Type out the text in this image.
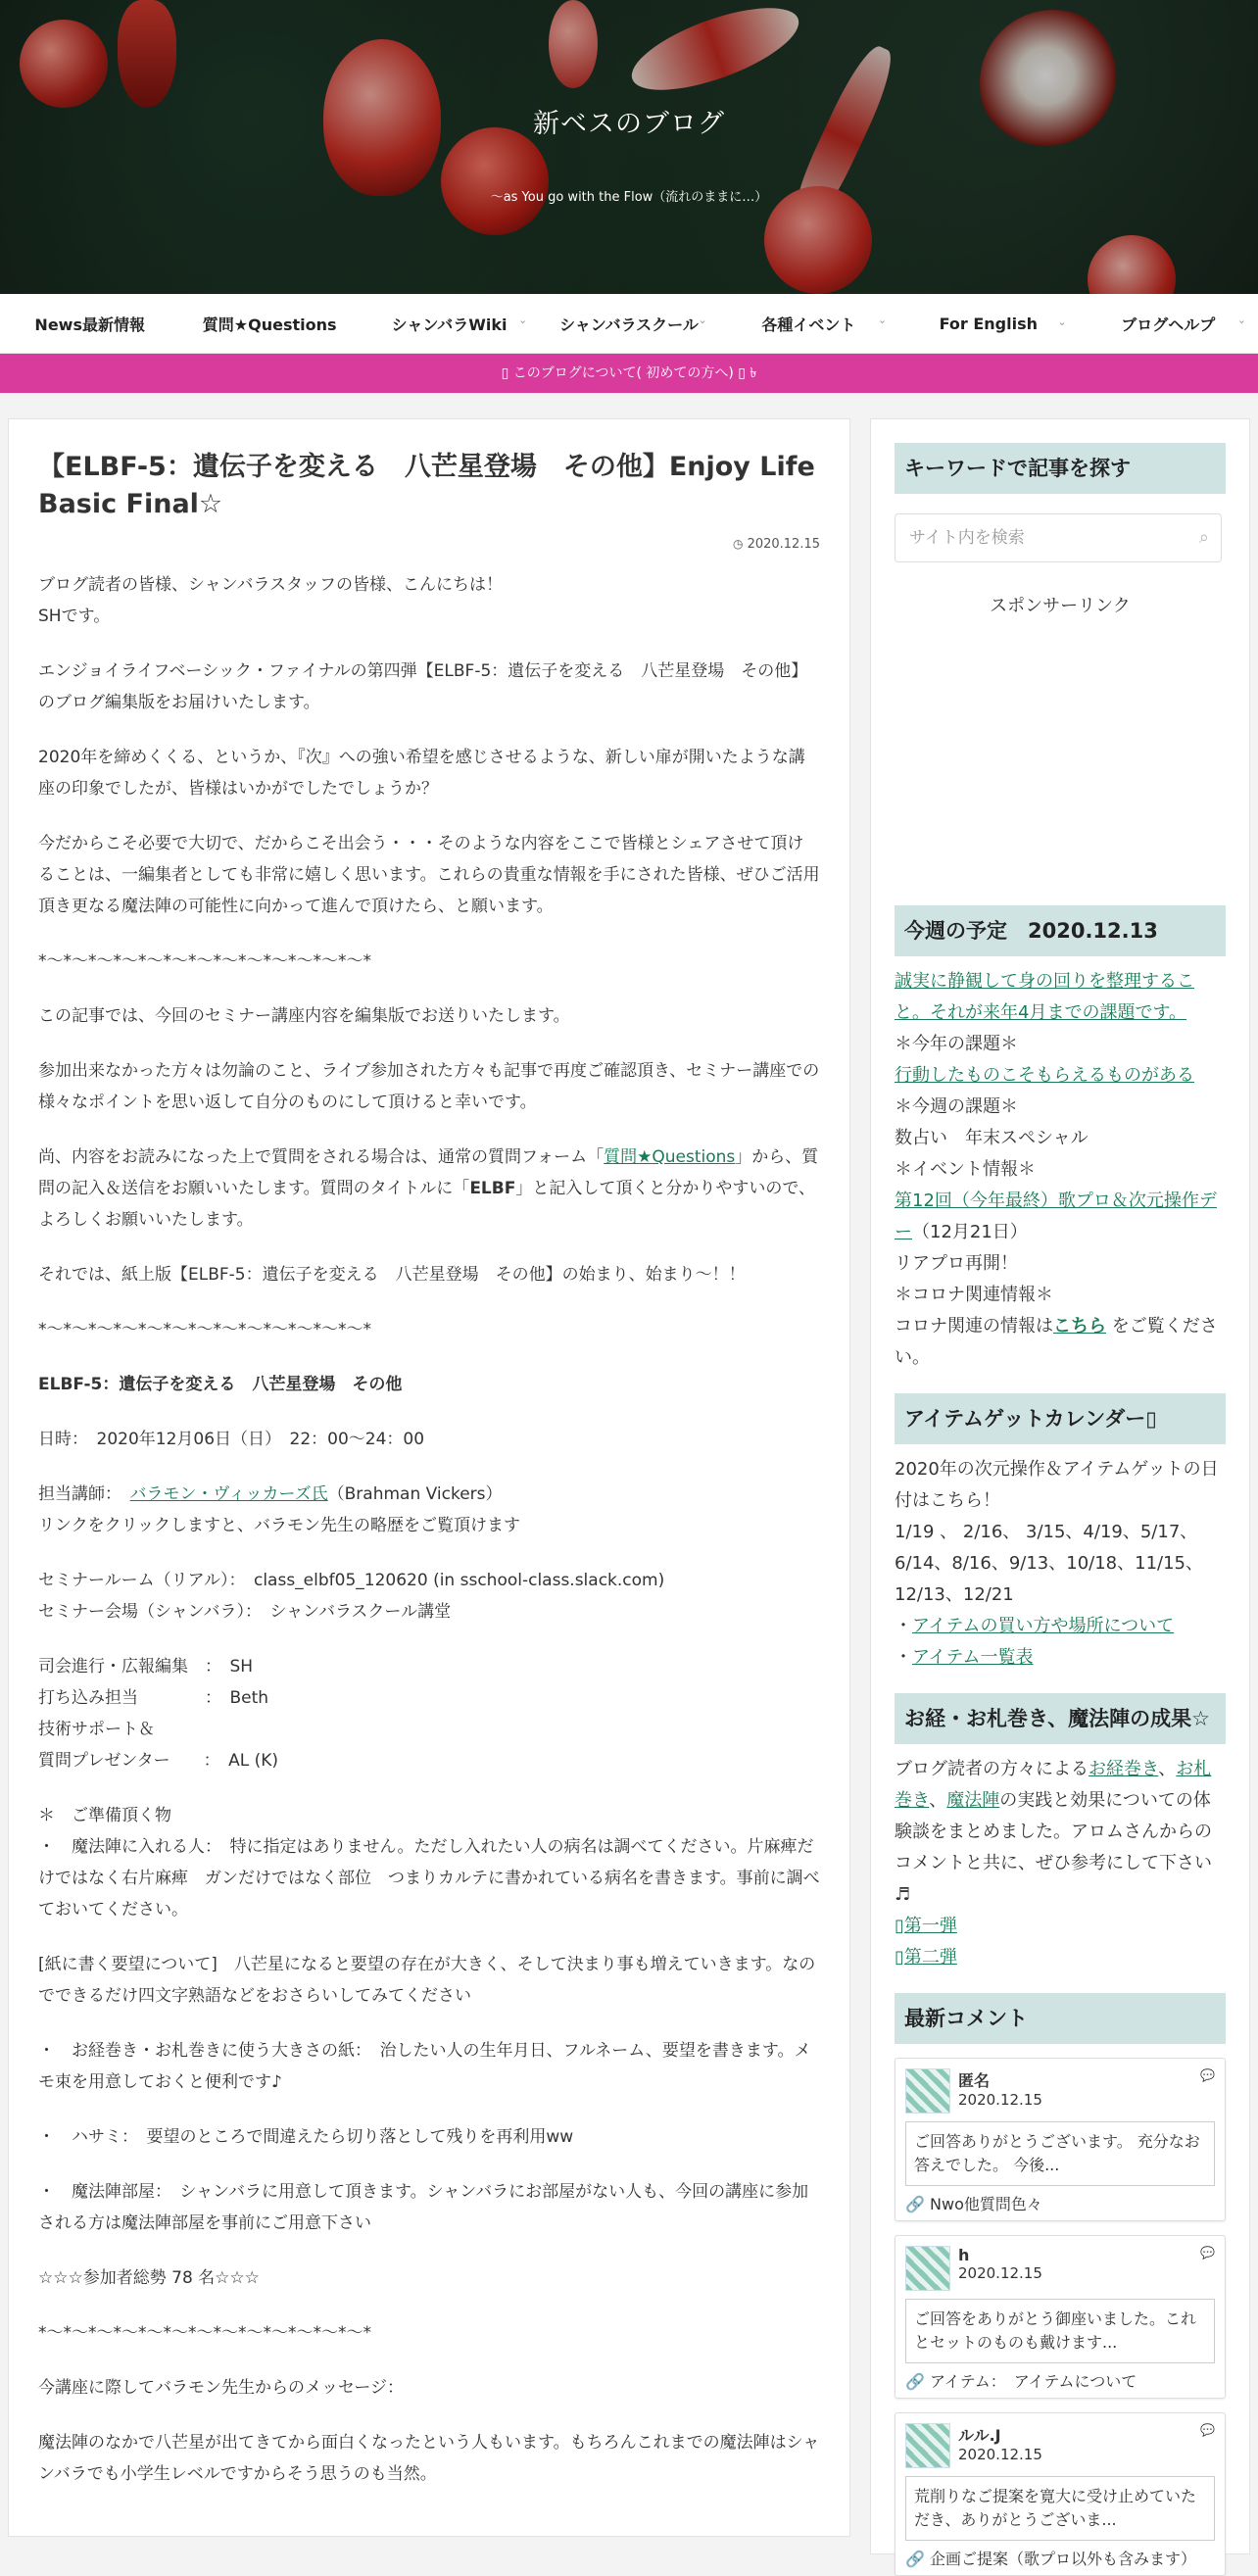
新ベスのブログ
～as You go with the Flow（流れのままに…）
News最新情報	質問★Questions	シャンバラWiki ⌄	シャンバラスクール ⌄	各種イベント ⌄	For English ⌄	ブログヘルプ ⌄
▯ このブログについて( 初めての方へ) ▯ ৳
【ELBF-5：遺伝子を変える　八芒星登場　その他】Enjoy Life Basic Final☆
◷ 2020.12.15

ブログ読者の皆様、シャンバラスタッフの皆様、こんにちは！
SHです。

エンジョイライフベーシック・ファイナルの第四弾【ELBF-5：遺伝子を変える　八芒星登場　その他】のブログ編集版をお届けいたします。

2020年を締めくくる、というか、『次』への強い希望を感じさせるような、新しい扉が開いたような講座の印象でしたが、皆様はいかがでしたでしょうか？

今だからこそ必要で大切で、だからこそ出会う・・・そのような内容をここで皆様とシェアさせて頂けることは、一編集者としても非常に嬉しく思います。これらの貴重な情報を手にされた皆様、ぜひご活用頂き更なる魔法陣の可能性に向かって進んで頂けたら、と願います。

*〜*〜*〜*〜*〜*〜*〜*〜*〜*〜*〜*〜*〜*

この記事では、今回のセミナー講座内容を編集版でお送りいたします。

参加出来なかった方々は勿論のこと、ライブ参加された方々も記事で再度ご確認頂き、セミナー講座での様々なポイントを思い返して自分のものにして頂けると幸いです。

尚、内容をお読みになった上で質問をされる場合は、通常の質問フォーム「質問★Questions」から、質問の記入＆送信をお願いいたします。質問のタイトルに「ELBF」と記入して頂くと分かりやすいので、よろしくお願いいたします。

それでは、紙上版【ELBF-5：遺伝子を変える　八芒星登場　その他】の始まり、始まり〜！！

*〜*〜*〜*〜*〜*〜*〜*〜*〜*〜*〜*〜*〜*

ELBF-5：遺伝子を変える　八芒星登場　その他

日時：　2020年12月06日（日）　22：00〜24：00

担当講師：　バラモン・ヴィッカーズ氏（Brahman Vickers）
リンクをクリックしますと、バラモン先生の略歴をご覧頂けます

セミナールーム（リアル）：　class_elbf05_120620 (in sschool-class.slack.com)
セミナー会場（シャンバラ）：　シャンバラスクール講堂

司会進行・広報編集　：　SH
打ち込み担当　　　　：　Beth
技術サポート＆
質問プレゼンター　　：　AL (K)

＊　ご準備頂く物
・　魔法陣に入れる人：　特に指定はありません。ただし入れたい人の病名は調べてください。片麻痺だけではなく右片麻痺　ガンだけではなく部位　つまりカルテに書かれている病名を書きます。事前に調べておいてください。

[紙に書く要望について]　八芒星になると要望の存在が大きく、そして決まり事も増えていきます。なのでできるだけ四文字熟語などをおさらいしてみてください

・　お経巻き・お札巻きに使う大きさの紙：　治したい人の生年月日、フルネーム、要望を書きます。メモ束を用意しておくと便利です♪

・　ハサミ：　要望のところで間違えたら切り落として残りを再利用ww

・　魔法陣部屋：　シャンバラに用意して頂きます。シャンバラにお部屋がない人も、今回の講座に参加される方は魔法陣部屋を事前にご用意下さい

☆☆☆参加者総勢 78 名☆☆☆

*〜*〜*〜*〜*〜*〜*〜*〜*〜*〜*〜*〜*〜*

今講座に際してバラモン先生からのメッセージ：

魔法陣のなかで八芒星が出てきてから面白くなったという人もいます。もちろんこれまでの魔法陣はシャンバラでも小学生レベルですからそう思うのも当然。

キーワードで記事を探す
サイト内を検索	⌕
スポンサーリンク
今週の予定　2020.12.13
誠実に静観して身の回りを整理すること。それが来年4月までの課題です。
＊今年の課題＊
行動したものこそもらえるものがある
＊今週の課題＊
数占い　年末スペシャル
＊イベント情報＊
第12回（今年最終）歌プロ＆次元操作デー（12月21日）
リアプロ再開！
＊コロナ関連情報＊
コロナ関連の情報はこちら をご覧ください。
アイテムゲットカレンダー▯
2020年の次元操作＆アイテムゲットの日付はこちら！
1/19 、 2/16、 3/15、4/19、5/17、6/14、8/16、9/13、10/18、11/15、12/13、12/21
・アイテムの買い方や場所について
・アイテム一覧表
お経・お札巻き、魔法陣の成果☆
ブログ読者の方々によるお経巻き、お札巻き、魔法陣の実践と効果についての体験談をまとめました。アロムさんからのコメントと共に、ぜひ参考にして下さい♬
▯第一弾
▯第二弾
最新コメント
匿名
2020.12.15
💬
ご回答ありがとうございます。 充分なお答えでした。 今後...
🔗 Nwo他質問色々
h
2020.12.15
💬
ご回答をありがとう御座いました。これとセットのものも戴けます...
🔗 アイテム：　アイテムについて
ルル.J
2020.12.15
💬
荒削りなご提案を寛大に受け止めていただき、ありがとうございま...
🔗 企画ご提案（歌プロ以外も含みます）
